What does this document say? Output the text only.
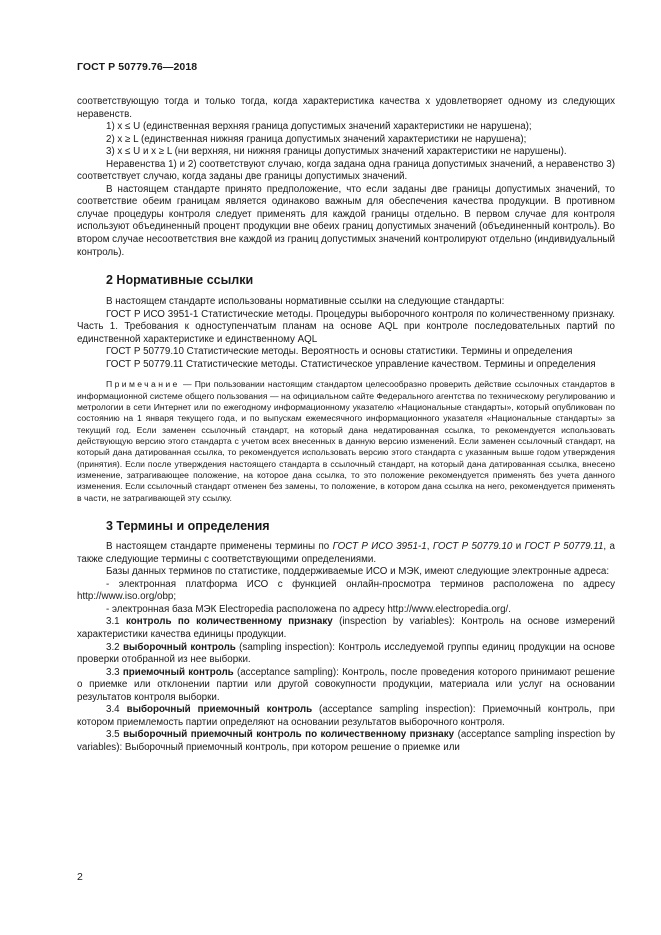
ГОСТ Р 50779.76—2018

соответствующую тогда и только тогда, когда характеристика качества x удовлетворяет одному из следующих неравенств.

1) x ≤ U (единственная верхняя граница допустимых значений характеристики не нарушена);

2) x ≥ L (единственная нижняя граница допустимых значений характеристики не нарушена);

3) x ≤ U и x ≥ L (ни верхняя, ни нижняя границы допустимых значений характеристики не нарушены).

Неравенства 1) и 2) соответствуют случаю, когда задана одна граница допустимых значений, а неравенство 3) соответствует случаю, когда заданы две границы допустимых значений.

В настоящем стандарте принято предположение, что если заданы две границы допустимых значений, то соответствие обеим границам является одинаково важным для обеспечения качества продукции. В противном случае процедуры контроля следует применять для каждой границы отдельно. В первом случае для контроля используют объединенный процент продукции вне обеих границ допустимых значений (объединенный контроль). Во втором случае несоответствия вне каждой из границ допустимых значений контролируют отдельно (индивидуальный контроль).

2 Нормативные ссылки

В настоящем стандарте использованы нормативные ссылки на следующие стандарты:

ГОСТ Р ИСО 3951-1 Статистические методы. Процедуры выборочного контроля по количественному признаку. Часть 1. Требования к одноступенчатым планам на основе AQL при контроле последовательных партий по единственной характеристике и единственному AQL

ГОСТ Р 50779.10 Статистические методы. Вероятность и основы статистики. Термины и определения

ГОСТ Р 50779.11 Статистические методы. Статистическое управление качеством. Термины и определения

Примечание — При пользовании настоящим стандартом целесообразно проверить действие ссылочных стандартов в информационной системе общего пользования — на официальном сайте Федерального агентства по техническому регулированию и метрологии в сети Интернет или по ежегодному информационному указателю «Национальные стандарты», который опубликован по состоянию на 1 января текущего года, и по выпускам ежемесячного информационного указателя «Национальные стандарты» за текущий год. Если заменен ссылочный стандарт, на который дана недатированная ссылка, то рекомендуется использовать действующую версию этого стандарта с учетом всех внесенных в данную версию изменений. Если заменен ссылочный стандарт, на который дана датированная ссылка, то рекомендуется использовать версию этого стандарта с указанным выше годом утверждения (принятия). Если после утверждения настоящего стандарта в ссылочный стандарт, на который дана датированная ссылка, внесено изменение, затрагивающее положение, на которое дана ссылка, то это положение рекомендуется применять без учета данного изменения. Если ссылочный стандарт отменен без замены, то положение, в котором дана ссылка на него, рекомендуется применять в части, не затрагивающей эту ссылку.

3 Термины и определения

В настоящем стандарте применены термины по ГОСТ Р ИСО 3951-1, ГОСТ Р 50779.10 и ГОСТ Р 50779.11, а также следующие термины с соответствующими определениями.

Базы данных терминов по статистике, поддерживаемые ИСО и МЭК, имеют следующие электронные адреса:

- электронная платформа ИСО с функцией онлайн-просмотра терминов расположена по адресу http://www.iso.org/obp;

- электронная база МЭК Electropedia расположена по адресу http://www.electropedia.org/.

3.1 контроль по количественному признаку (inspection by variables): Контроль на основе измерений характеристики качества единицы продукции.

3.2 выборочный контроль (sampling inspection): Контроль исследуемой группы единиц продукции на основе проверки отобранной из нее выборки.

3.3 приемочный контроль (acceptance sampling): Контроль, после проведения которого принимают решение о приемке или отклонении партии или другой совокупности продукции, материала или услуг на основании результатов контроля выборки.

3.4 выборочный приемочный контроль (acceptance sampling inspection): Приемочный контроль, при котором приемлемость партии определяют на основании результатов выборочного контроля.

3.5 выборочный приемочный контроль по количественному признаку (acceptance sampling inspection by variables): Выборочный приемочный контроль, при котором решение о приемке или

2
